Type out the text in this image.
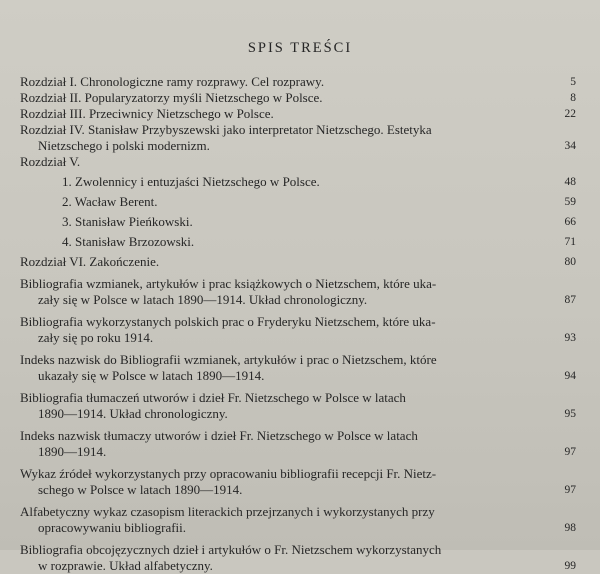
SPIS TREŚCI
Rozdział I. Chronologiczne ramy rozprawy. Cel rozprawy.	5
Rozdział II. Popularyzatorzy myśli Nietzschego w Polsce.	8
Rozdział III. Przeciwnicy Nietzschego w Polsce.	22
Rozdział IV. Stanisław Przybyszewski jako interpretator Nietzschego. Estetyka
Nietzschego i polski modernizm.	34
Rozdział V.
1. Zwolennicy i entuzjaści Nietzschego w Polsce.	48
2. Wacław Berent.	59
3. Stanisław Pieńkowski.	66
4. Stanisław Brzozowski.	71
Rozdział VI. Zakończenie.	80
Bibliografia wzmianek, artykułów i prac książkowych o Nietzschem, które uka-
zały się w Polsce w latach 1890—1914. Układ chronologiczny.	87
Bibliografia wykorzystanych polskich prac o Fryderyku Nietzschem, które uka-
zały się po roku 1914.	93
Indeks nazwisk do Bibliografii wzmianek, artykułów i prac o Nietzschem, które
ukazały się w Polsce w latach 1890—1914.	94
Bibliografia tłumaczeń utworów i dzieł Fr. Nietzschego w Polsce w latach
1890—1914. Układ chronologiczny.	95
Indeks nazwisk tłumaczy utworów i dzieł Fr. Nietzschego w Polsce w latach
1890—1914.	97
Wykaz źródeł wykorzystanych przy opracowaniu bibliografii recepcji Fr. Nietz-
schego w Polsce w latach 1890—1914.	97
Alfabetyczny wykaz czasopism literackich przejrzanych i wykorzystanych przy
opracowywaniu bibliografii.	98
Bibliografia obcojęzycznych dzieł i artykułów o Fr. Nietzschem wykorzystanych
w rozprawie. Układ alfabetyczny.	99
